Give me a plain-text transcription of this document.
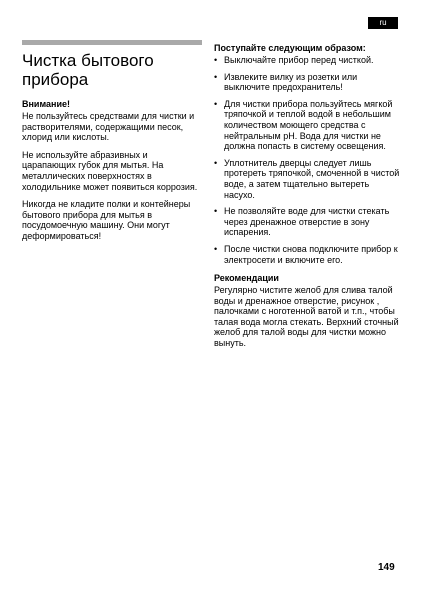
ru
Чистка бытового прибора
Внимание!

Не пользуйтесь средствами для чистки и растворителями, содержащими песок, хлорид или кислоты.

Не используйте абразивных и царапающих губок для мытья. На металлических поверхностях в холодильнике может появиться коррозия.

Никогда не кладите полки и контейнеры бытового прибора для мытья в посудомоечную машину. Они могут деформироваться!

Поступайте следующим образом:
• Выключайте прибор перед чисткой.
• Извлеките вилку из розетки или выключите предохранитель!
• Для чистки прибора пользуйтесь мягкой тряпочкой и теплой водой в небольшим количеством моющего средства с нейтральным pH. Вода для чистки не должна попасть в систему освещения.
• Уплотнитель дверцы следует лишь протереть тряпочкой, смоченной в чистой воде, а затем тщательно вытереть насухо.
• Не позволяйте воде для чистки стекать через дренажное отверстие в зону испарения.
• После чистки снова подключите прибор к электросети и включите его.
Рекомендации

Регулярно чистите желоб для слива талой воды и дренажное отверстие, рисунок , палочками с ноготенной ватой и т.п., чтобы талая вода могла стекать. Верхний сточный желоб для талой воды для чистки можно вынуть.

149
